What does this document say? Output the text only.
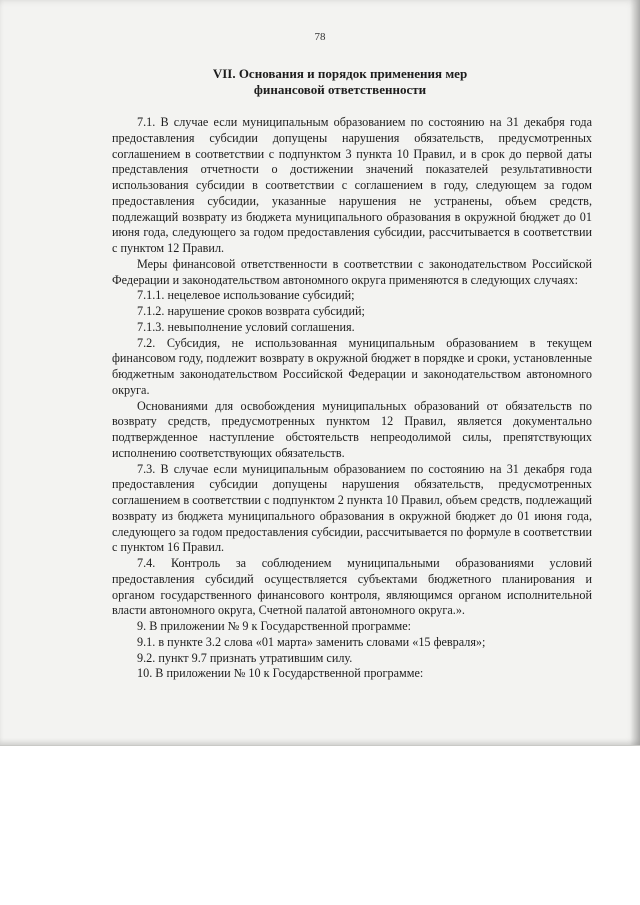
78
VII. Основания и порядок применения мер
финансовой ответственности

7.1. В случае если муниципальным образованием по состоянию на 31 декабря года предоставления субсидии допущены нарушения обязательств, предусмотренных соглашением в соответствии с подпунктом 3 пункта 10 Правил, и в срок до первой даты представления отчетности о достижении значений показателей результативности использования субсидии в соответствии с соглашением в году, следующем за годом предоставления субсидии, указанные нарушения не устранены, объем средств, подлежащий возврату из бюджета муниципального образования в окружной бюджет до 01 июня года, следующего за годом предоставления субсидии, рассчитывается в соответствии с пунктом 12 Правил.

Меры финансовой ответственности в соответствии с законодательством Российской Федерации и законодательством автономного округа применяются в следующих случаях:

7.1.1. нецелевое использование субсидий;

7.1.2. нарушение сроков возврата субсидий;

7.1.3. невыполнение условий соглашения.

7.2. Субсидия, не использованная муниципальным образованием в текущем финансовом году, подлежит возврату в окружной бюджет в порядке и сроки, установленные бюджетным законодательством Российской Федерации и законодательством автономного округа.

Основаниями для освобождения муниципальных образований от обязательств по возврату средств, предусмотренных пунктом 12 Правил, является документально подтвержденное наступление обстоятельств непреодолимой силы, препятствующих исполнению соответствующих обязательств.

7.3. В случае если муниципальным образованием по состоянию на 31 декабря года предоставления субсидии допущены нарушения обязательств, предусмотренных соглашением в соответствии с подпунктом 2 пункта 10 Правил, объем средств, подлежащий возврату из бюджета муниципального образования в окружной бюджет до 01 июня года, следующего за годом предоставления субсидии, рассчитывается по формуле в соответствии с пунктом 16 Правил.

7.4. Контроль за соблюдением муниципальными образованиями условий предоставления субсидий осуществляется субъектами бюджетного планирования и органом государственного финансового контроля, являющимся органом исполнительной власти автономного округа, Счетной палатой автономного округа.».

9. В приложении № 9 к Государственной программе:

9.1. в пункте 3.2 слова «01 марта» заменить словами «15 февраля»;

9.2. пункт 9.7 признать утратившим силу.

10. В приложении № 10 к Государственной программе:
